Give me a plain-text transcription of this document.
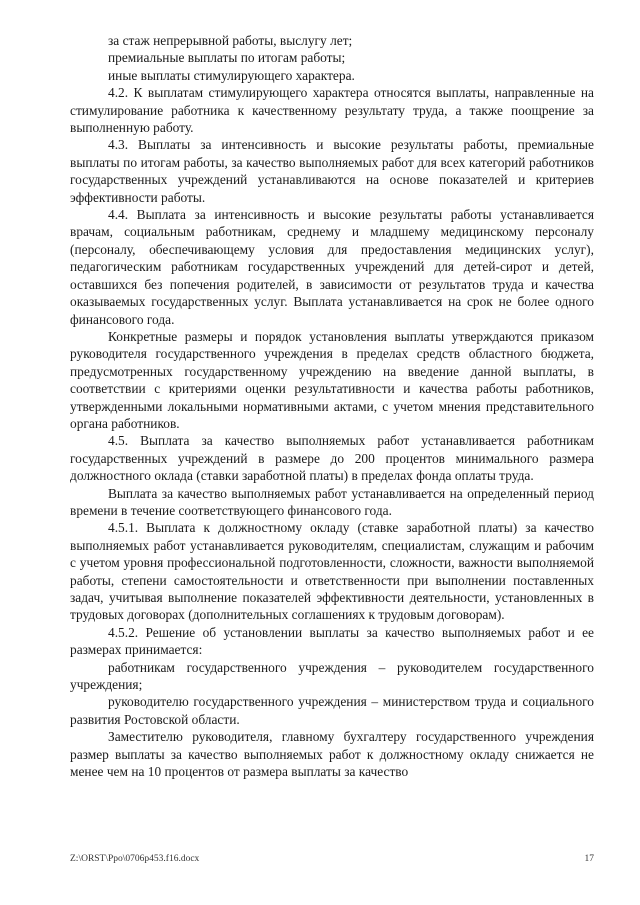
за стаж непрерывной работы, выслугу лет;

премиальные выплаты по итогам работы;

иные выплаты стимулирующего характера.

4.2. К выплатам стимулирующего характера относятся выплаты, направленные на стимулирование работника к качественному результату труда, а также поощрение за выполненную работу.

4.3. Выплаты за интенсивность и высокие результаты работы, премиальные выплаты по итогам работы, за качество выполняемых работ для всех категорий работников государственных учреждений устанавливаются на основе показателей и критериев эффективности работы.

4.4. Выплата за интенсивность и высокие результаты работы устанавливается врачам, социальным работникам, среднему и младшему медицинскому персоналу (персоналу, обеспечивающему условия для предоставления медицинских услуг), педагогическим работникам государственных учреждений для детей-сирот и детей, оставшихся без попечения родителей, в зависимости от результатов труда и качества оказываемых государственных услуг. Выплата устанавливается на срок не более одного финансового года.

Конкретные размеры и порядок установления выплаты утверждаются приказом руководителя государственного учреждения в пределах средств областного бюджета, предусмотренных государственному учреждению на введение данной выплаты, в соответствии с критериями оценки результативности и качества работы работников, утвержденными локальными нормативными актами, с учетом мнения представительного органа работников.

4.5. Выплата за качество выполняемых работ устанавливается работникам государственных учреждений в размере до 200 процентов минимального размера должностного оклада (ставки заработной платы) в пределах фонда оплаты труда.

Выплата за качество выполняемых работ устанавливается на определенный период времени в течение соответствующего финансового года.

4.5.1. Выплата к должностному окладу (ставке заработной платы) за качество выполняемых работ устанавливается руководителям, специалистам, служащим и рабочим с учетом уровня профессиональной подготовленности, сложности, важности выполняемой работы, степени самостоятельности и ответственности при выполнении поставленных задач, учитывая выполнение показателей эффективности деятельности, установленных в трудовых договорах (дополнительных соглашениях к трудовым договорам).

4.5.2. Решение об установлении выплаты за качество выполняемых работ и ее размерах принимается:

работникам государственного учреждения – руководителем государственного учреждения;

руководителю государственного учреждения – министерством труда и социального развития Ростовской области.

Заместителю руководителя, главному бухгалтеру государственного учреждения размер выплаты за качество выполняемых работ к должностному окладу снижается не менее чем на 10 процентов от размера выплаты за качество

Z:\ORST\Ppo\0706p453.f16.docx	17
